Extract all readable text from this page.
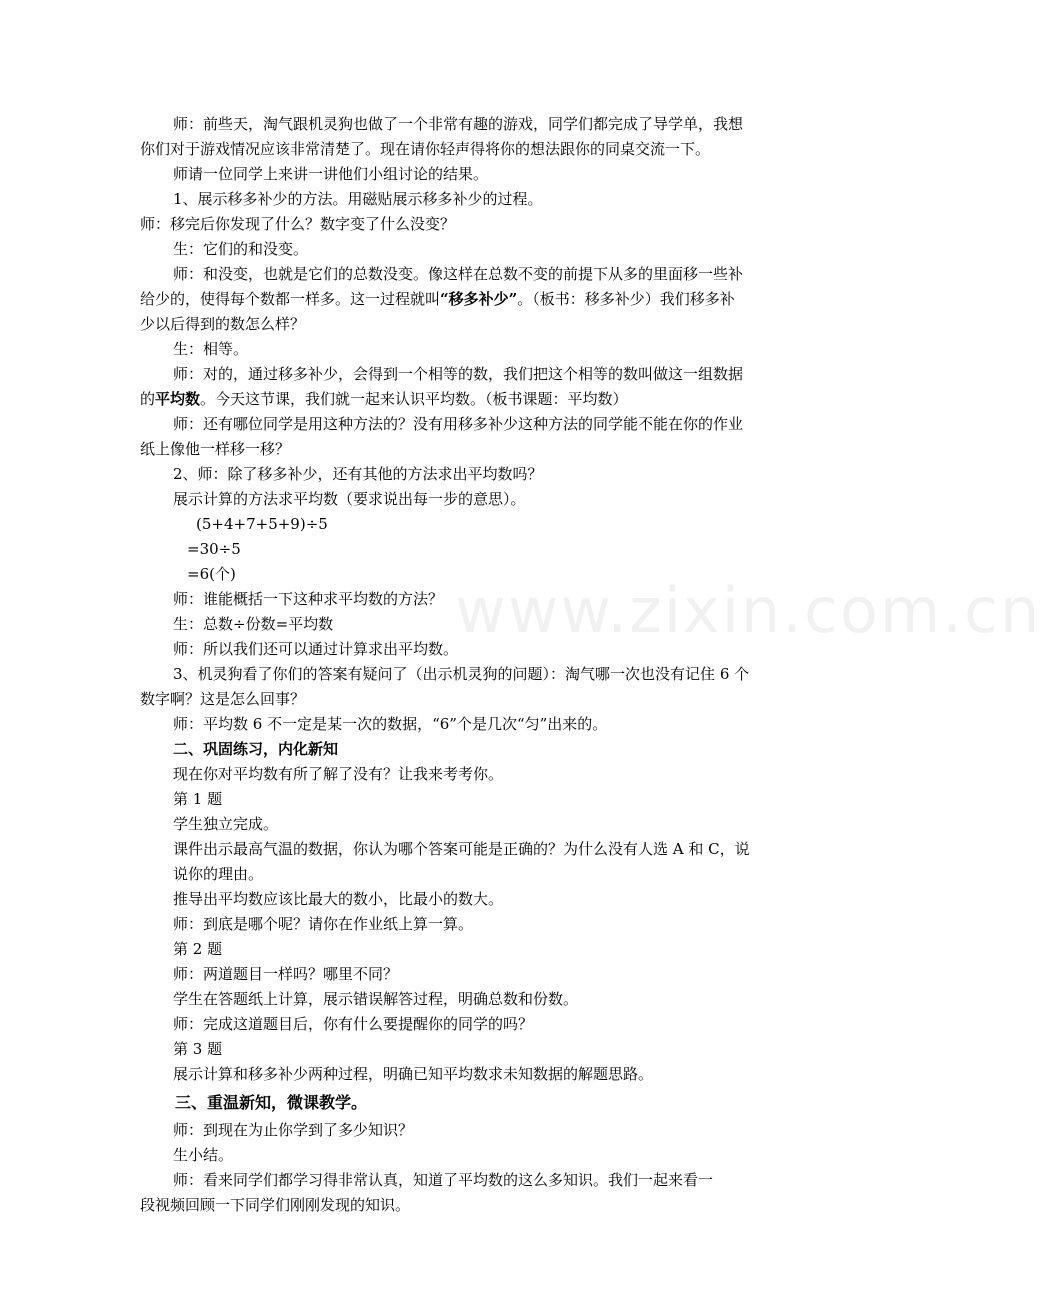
www.zixin.com.cn
师：前些天，淘气跟机灵狗也做了一个非常有趣的游戏，同学们都完成了导学单，我想
你们对于游戏情况应该非常清楚了。现在请你轻声得将你的想法跟你的同桌交流一下。
师请一位同学上来讲一讲他们小组讨论的结果。
1、展示移多补少的方法。用磁贴展示移多补少的过程。
师：移完后你发现了什么？数字变了什么没变？
生：它们的和没变。
师：和没变，也就是它们的总数没变。像这样在总数不变的前提下从多的里面移一些补
给少的，使得每个数都一样多。这一过程就叫“移多补少”。（板书：移多补少）我们移多补
少以后得到的数怎么样？
生：相等。
师：对的，通过移多补少，会得到一个相等的数，我们把这个相等的数叫做这一组数据
的平均数。今天这节课，我们就一起来认识平均数。（板书课题：平均数）
师：还有哪位同学是用这种方法的？没有用移多补少这种方法的同学能不能在你的作业
纸上像他一样移一移？
2、师：除了移多补少，还有其他的方法求出平均数吗？
展示计算的方法求平均数（要求说出每一步的意思）。
(5+4+7+5+9)÷5
=30÷5
=6(个)
师：谁能概括一下这种求平均数的方法？
生：总数÷份数=平均数
师：所以我们还可以通过计算求出平均数。
3、机灵狗看了你们的答案有疑问了（出示机灵狗的问题）：淘气哪一次也没有记住 6 个
数字啊？这是怎么回事？
师：平均数 6 不一定是某一次的数据，“6”个是几次“匀”出来的。
二、巩固练习，内化新知
现在你对平均数有所了解了没有？让我来考考你。
第 1 题
学生独立完成。
课件出示最高气温的数据，你认为哪个答案可能是正确的？为什么没有人选 A 和 C，说
说你的理由。
推导出平均数应该比最大的数小，比最小的数大。
师：到底是哪个呢？请你在作业纸上算一算。
第 2 题
师：两道题目一样吗？哪里不同？
学生在答题纸上计算，展示错误解答过程，明确总数和份数。
师：完成这道题目后，你有什么要提醒你的同学的吗？
第 3 题
展示计算和移多补少两种过程，明确已知平均数求未知数据的解题思路。
三、重温新知，微课教学。
师：到现在为止你学到了多少知识？
生小结。
师：看来同学们都学习得非常认真，知道了平均数的这么多知识。我们一起来看一
段视频回顾一下同学们刚刚发现的知识。
